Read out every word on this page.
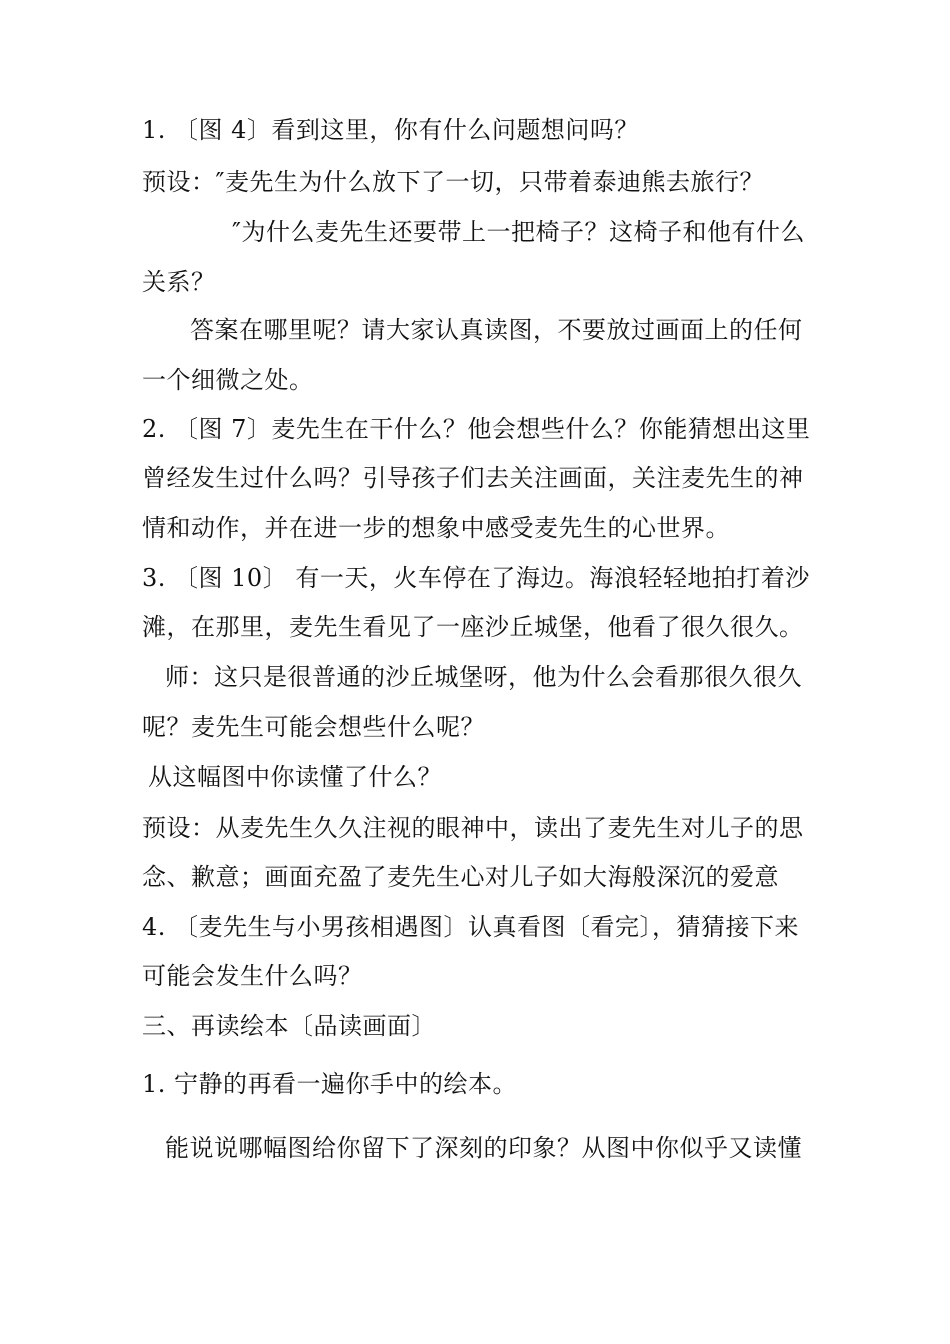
1. 〔图 4〕看到这里，你有什么问题想问吗？
预设：″麦先生为什么放下了一切，只带着泰迪熊去旅行？
″为什么麦先生还要带上一把椅子？这椅子和他有什么
关系？
答案在哪里呢？请大家认真读图，不要放过画面上的任何
一个细微之处。
2. 〔图 7〕麦先生在干什么？他会想些什么？你能猜想出这里
曾经发生过什么吗？引导孩子们去关注画面，关注麦先生的神
情和动作，并在进一步的想象中感受麦先生的心世界。
3. 〔图 10〕 有一天，火车停在了海边。海浪轻轻地拍打着沙
滩，在那里，麦先生看见了一座沙丘城堡，他看了很久很久。
师：这只是很普通的沙丘城堡呀，他为什么会看那很久很久
呢？麦先生可能会想些什么呢？
从这幅图中你读懂了什么？
预设：从麦先生久久注视的眼神中，读出了麦先生对儿子的思
念、歉意；画面充盈了麦先生心对儿子如大海般深沉的爱意
4. 〔麦先生与小男孩相遇图〕认真看图〔看完〕，猜猜接下来
可能会发生什么吗？
三、再读绘本〔品读画面〕
1. 宁静的再看一遍你手中的绘本。
能说说哪幅图给你留下了深刻的印象？从图中你似乎又读懂
